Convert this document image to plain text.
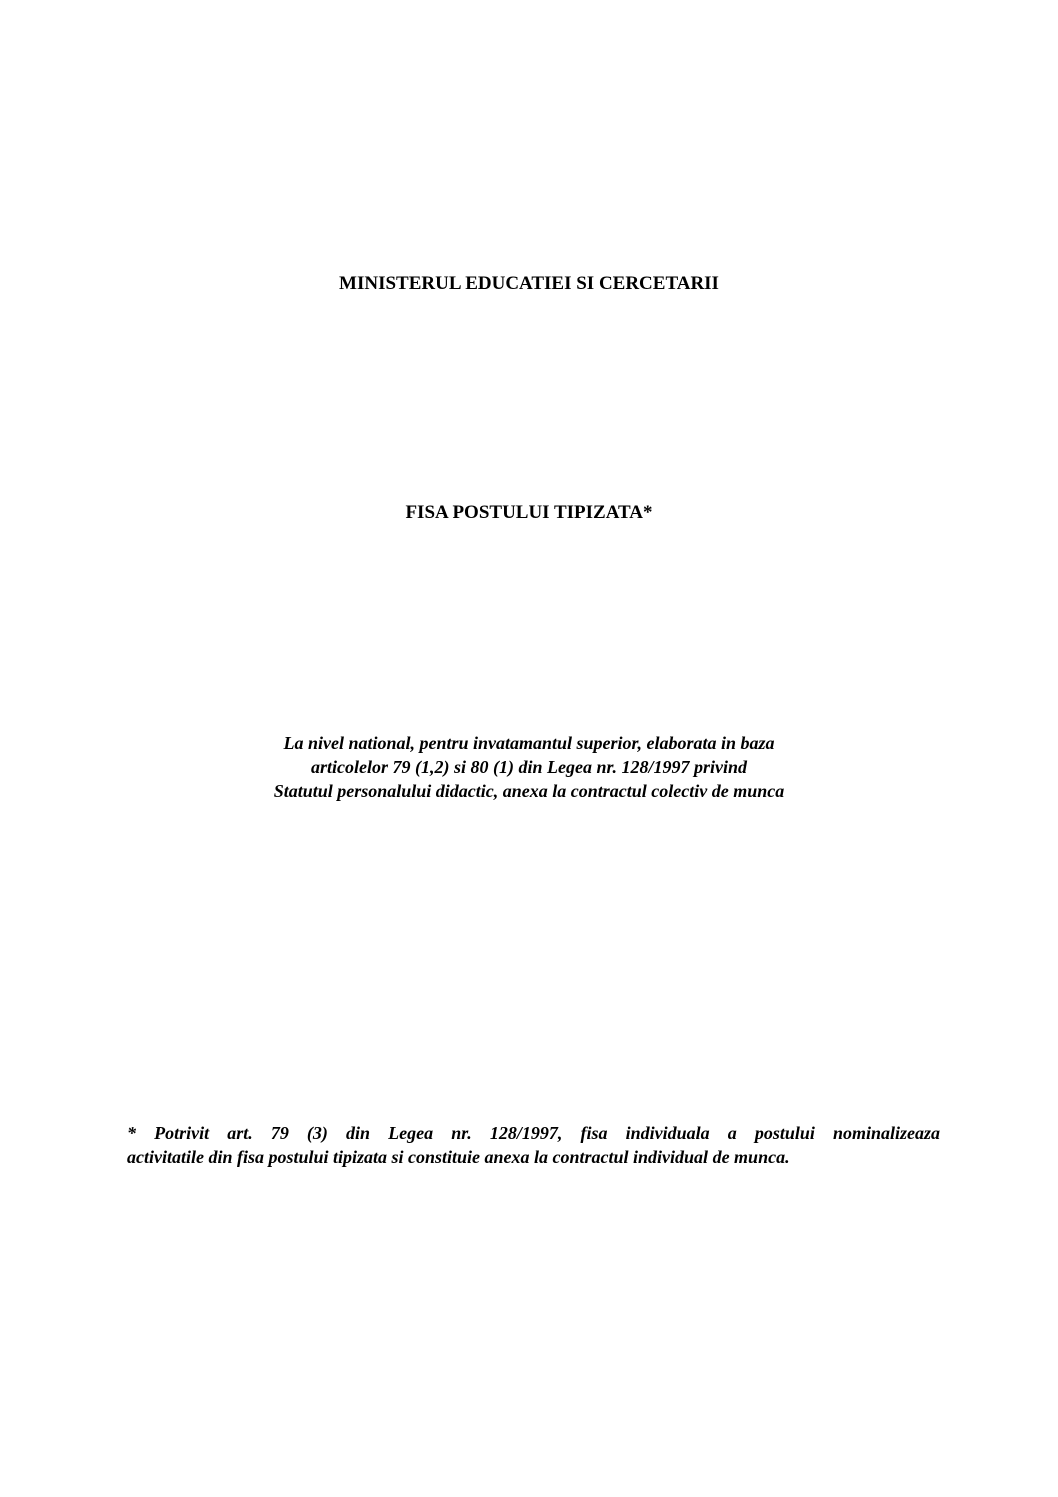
MINISTERUL EDUCATIEI SI CERCETARII
FISA POSTULUI TIPIZATA*
La nivel national, pentru invatamantul superior, elaborata in baza
articolelor 79 (1,2) si 80 (1) din Legea nr. 128/1997 privind
Statutul personalului didactic, anexa la contractul colectiv de munca
* Potrivit art. 79 (3) din Legea nr. 128/1997, fisa individuala a postului nominalizeaza
activitatile din fisa postului tipizata si constituie anexa la contractul individual de munca.
